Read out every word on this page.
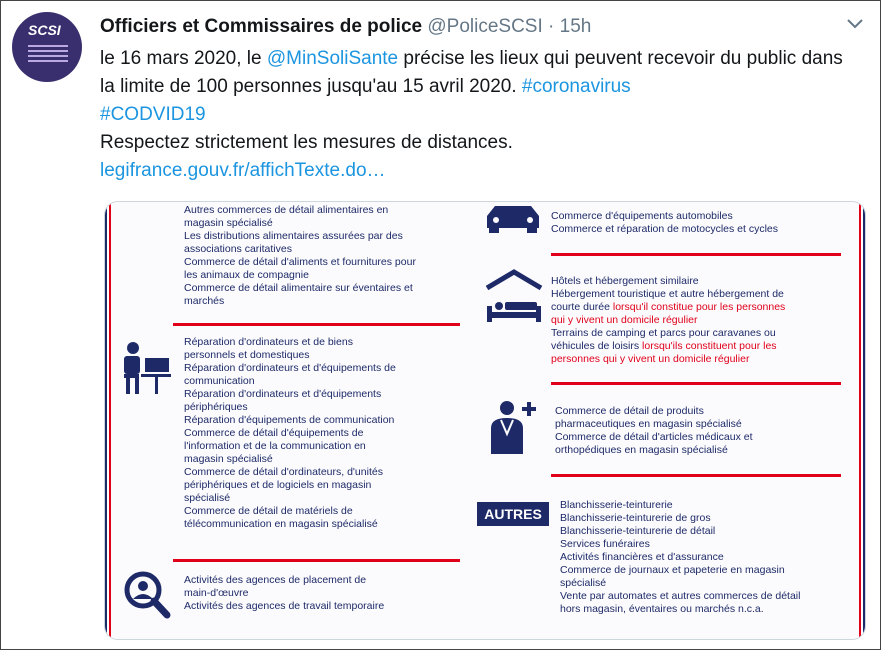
SCSI Officiers et Commissaires de police @PoliceSCSI · 15h
le 16 mars 2020, le @MinSoliSante précise les lieux qui peuvent recevoir du public dans la limite de 100 personnes jusqu'au 15 avril 2020. #coronavirus
#CODVID19
Respectez strictement les mesures de distances.
legifrance.gouv.fr/affichTexte.do…
Autres commerces de détail alimentaires en
magasin spécialisé
Les distributions alimentaires assurées par des
associations caritatives
Commerce de détail d'aliments et fournitures pour
les animaux de compagnie
Commerce de détail alimentaire sur éventaires et
marchés
Réparation d'ordinateurs et de biens
personnels et domestiques
Réparation d'ordinateurs et d'équipements de
communication
Réparation d'ordinateurs et d'équipements
périphériques
Réparation d'équipements de communication
Commerce de détail d'équipements de
l'information et de la communication en
magasin spécialisé
Commerce de détail d'ordinateurs, d'unités
périphériques et de logiciels en magasin
spécialisé
Commerce de détail de matériels de
télécommunication en magasin spécialisé
Activités des agences de placement de
main-d'œuvre
Activités des agences de travail temporaire
Commerce d'équipements automobiles
Commerce et réparation de motocycles et cycles
Hôtels et hébergement similaire
Hébergement touristique et autre hébergement de
courte durée lorsqu'il constitue pour les personnes
qui y vivent un domicile régulier
Terrains de camping et parcs pour caravanes ou
véhicules de loisirs lorsqu'ils constituent pour les
personnes qui y vivent un domicile régulier
Commerce de détail de produits
pharmaceutiques en magasin spécialisé
Commerce de détail d'articles médicaux et
orthopédiques en magasin spécialisé
AUTRES
Blanchisserie-teinturerie
Blanchisserie-teinturerie de gros
Blanchisserie-teinturerie de détail
Services funéraires
Activités financières et d'assurance
Commerce de journaux et papeterie en magasin
spécialisé
Vente par automates et autres commerces de détail
hors magasin, éventaires ou marchés n.c.a.
